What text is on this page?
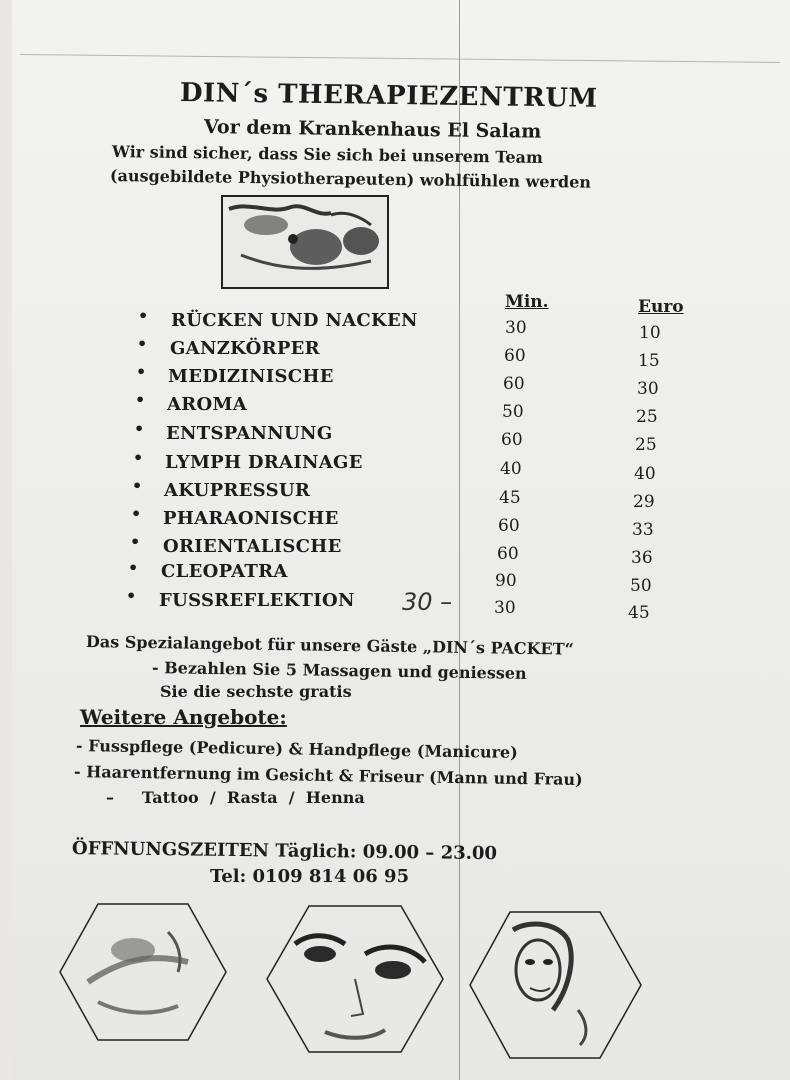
DIN´s THERAPIEZENTRUM
Vor dem Krankenhaus El Salam
Wir sind sicher, dass Sie sich bei unserem Team
(ausgebildete Physiotherapeuten) wohlfühlen werden
Min.	Euro
• RÜCKEN UND NACKEN	30	10
• GANZKÖRPER	60	15
• MEDIZINISCHE	60	30
• AROMA	50	25
• ENTSPANNUNG	60	25
• LYMPH DRAINAGE	40	40
• AKUPRESSUR	45	29
• PHARAONISCHE	60	33
• ORIENTALISCHE	60	36
• CLEOPATRA	90	50
• FUSSREFLEKTION	30	45
30 –
Das Spezialangebot für unsere Gäste „DIN´s PACKET“
- Bezahlen Sie 5 Massagen und geniessen
Sie die sechste gratis
Weitere Angebote:
- Fusspflege (Pedicure) & Handpflege (Manicure)
- Haarentfernung im Gesicht & Friseur (Mann und Frau)
–     Tattoo  /  Rasta  /  Henna
ÖFFNUNGSZEITEN Täglich: 09.00 – 23.00
Tel: 0109 814 06 95
